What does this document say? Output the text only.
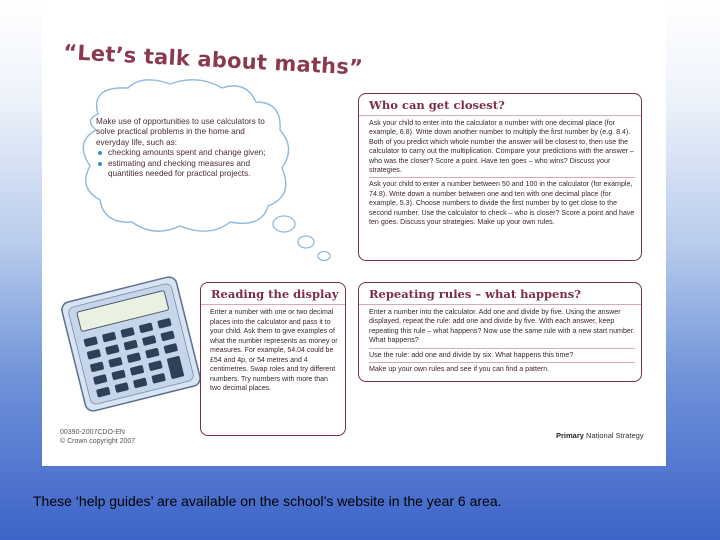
“Let’s talk about maths”
Make use of opportunities to use calculators to solve practical problems in the home and everyday life, such as:
checking amounts spent and change given;
estimating and checking measures and quantities needed for practical projects.
Who can get closest?

Ask your child to enter into the calculator a number with one decimal place (for example, 6.8). Write down another number to multiply the first number by (e.g. 8.4). Both of you predict which whole number the answer will be closest to, then use the calculator to carry out the multiplication. Compare your predictions with the answer – who was the closer? Score a point. Have ten goes – who wins? Discuss your strategies.

Ask your child to enter a number between 50 and 100 in the calculator (for example, 74.8). Write down a number between one and ten with one decimal place (for example, 5.3). Choose numbers to divide the first number by to get close to the second number. Use the calculator to check – who is closer? Score a point and have ten goes. Discuss your strategies. Make up your own rules.

Reading the display

Enter a number with one or two decimal places into the calculator and pass it to your child. Ask them to give examples of what the number represents as money or measures. For example, 54.04 could be £54 and 4p, or 54 metres and 4 centimetres. Swap roles and try different numbers. Try numbers with more than two decimal places.

Repeating rules – what happens?

Enter a number into the calculator. Add one and divide by five. Using the answer displayed, repeat the rule: add one and divide by five. With each answer, keep repeating this rule – what happens? Now use the same rule with a new start number. What happens?

Use the rule: add one and divide by six. What happens this time?

Make up your own rules and see if you can find a pattern.

00390-2007CDO-EN
© Crown copyright 2007
Primary National Strategy
These ‘help guides’ are available on the school’s website in the year 6 area.
